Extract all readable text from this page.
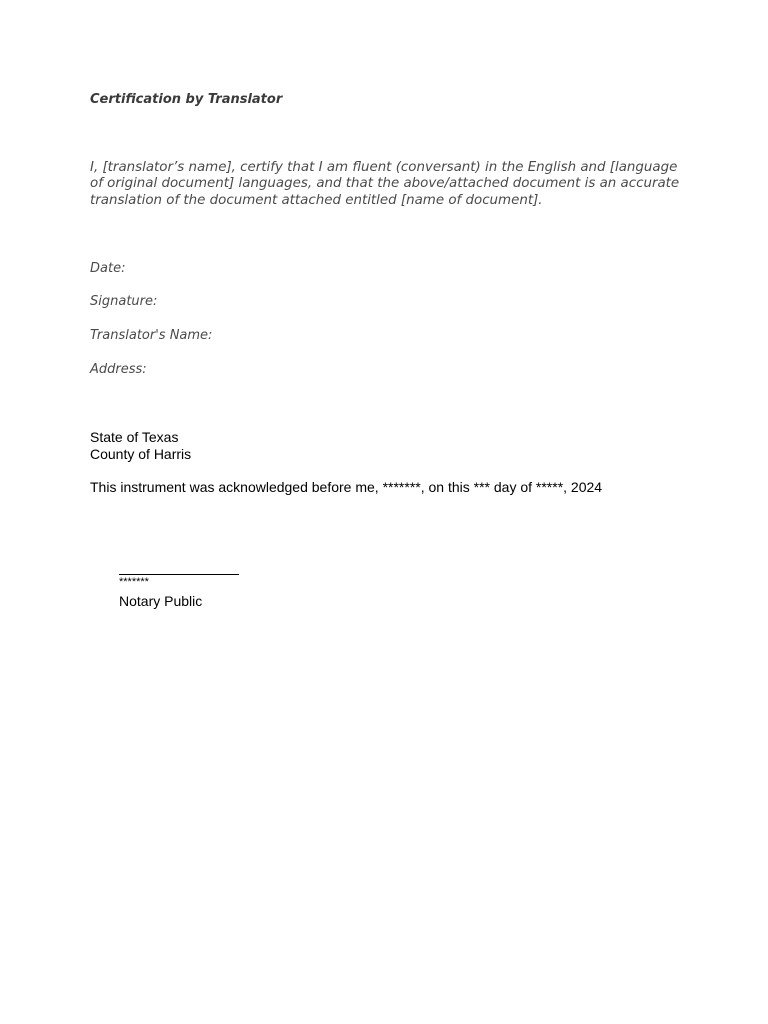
Certification by Translator
I, [translator’s name], certify that I am fluent (conversant) in the English and [language
of original document] languages, and that the above/attached document is an accurate
translation of the document attached entitled [name of document].
Date:
Signature:
Translator's Name:
Address:
State of Texas
County of Harris
This instrument was acknowledged before me, *******, on this *** day of *****, 2024
*******
Notary Public
